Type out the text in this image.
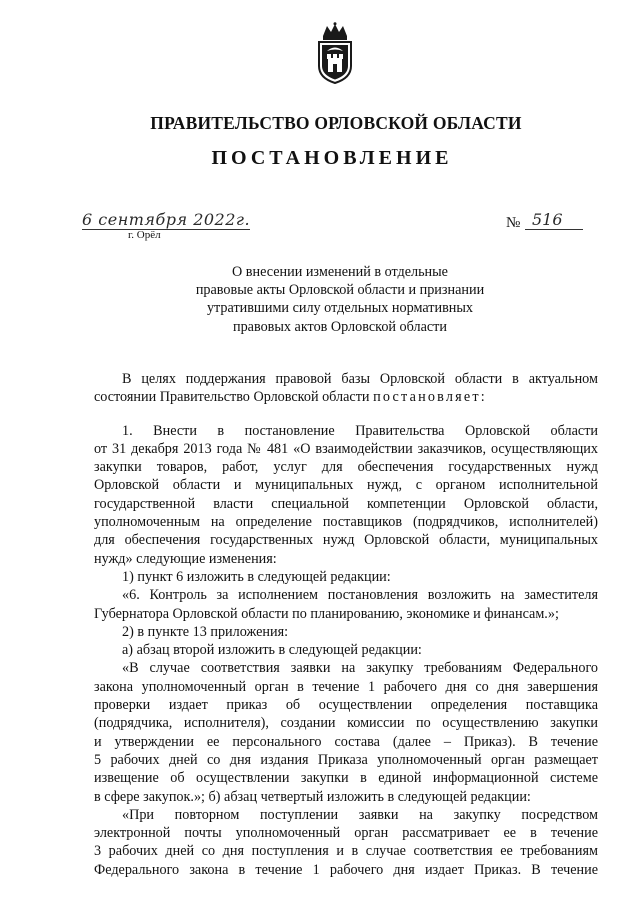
ПРАВИТЕЛЬСТВО ОРЛОВСКОЙ ОБЛАСТИ
ПОСТАНОВЛЕНИЕ
6 сентября 2022г.
г. Орёл
№ 516
О внесении изменений в отдельные
правовые акты Орловской области и признании
утратившими силу отдельных нормативных
правовых актов Орловской области
В целях поддержания правовой базы Орловской области в актуальном
состоянии Правительство Орловской области постановляет:
1. Внести в постановление Правительства Орловской области
от 31 декабря 2013 года № 481 «О взаимодействии заказчиков, осуществляющих
закупки товаров, работ, услуг для обеспечения государственных нужд
Орловской области и муниципальных нужд, с органом исполнительной
государственной власти специальной компетенции Орловской области,
уполномоченным на определение поставщиков (подрядчиков, исполнителей)
для обеспечения государственных нужд Орловской области, муниципальных
нужд» следующие изменения:
1) пункт 6 изложить в следующей редакции:
«6. Контроль за исполнением постановления возложить на заместителя
Губернатора Орловской области по планированию, экономике и финансам.»;
2) в пункте 13 приложения:
а) абзац второй изложить в следующей редакции:
«В случае соответствия заявки на закупку требованиям Федерального
закона уполномоченный орган в течение 1 рабочего дня со дня завершения
проверки издает приказ об осуществлении определения поставщика
(подрядчика, исполнителя), создании комиссии по осуществлению закупки
и утверждении ее персонального состава (далее – Приказ). В течение
5 рабочих дней со дня издания Приказа уполномоченный орган размещает
извещение об осуществлении закупки в единой информационной системе
в сфере закупок.»; б) абзац четвертый изложить в следующей редакции:
«При повторном поступлении заявки на закупку посредством
электронной почты уполномоченный орган рассматривает ее в течение
3 рабочих дней со дня поступления и в случае соответствия ее требованиям
Федерального закона в течение 1 рабочего дня издает Приказ. В течение
